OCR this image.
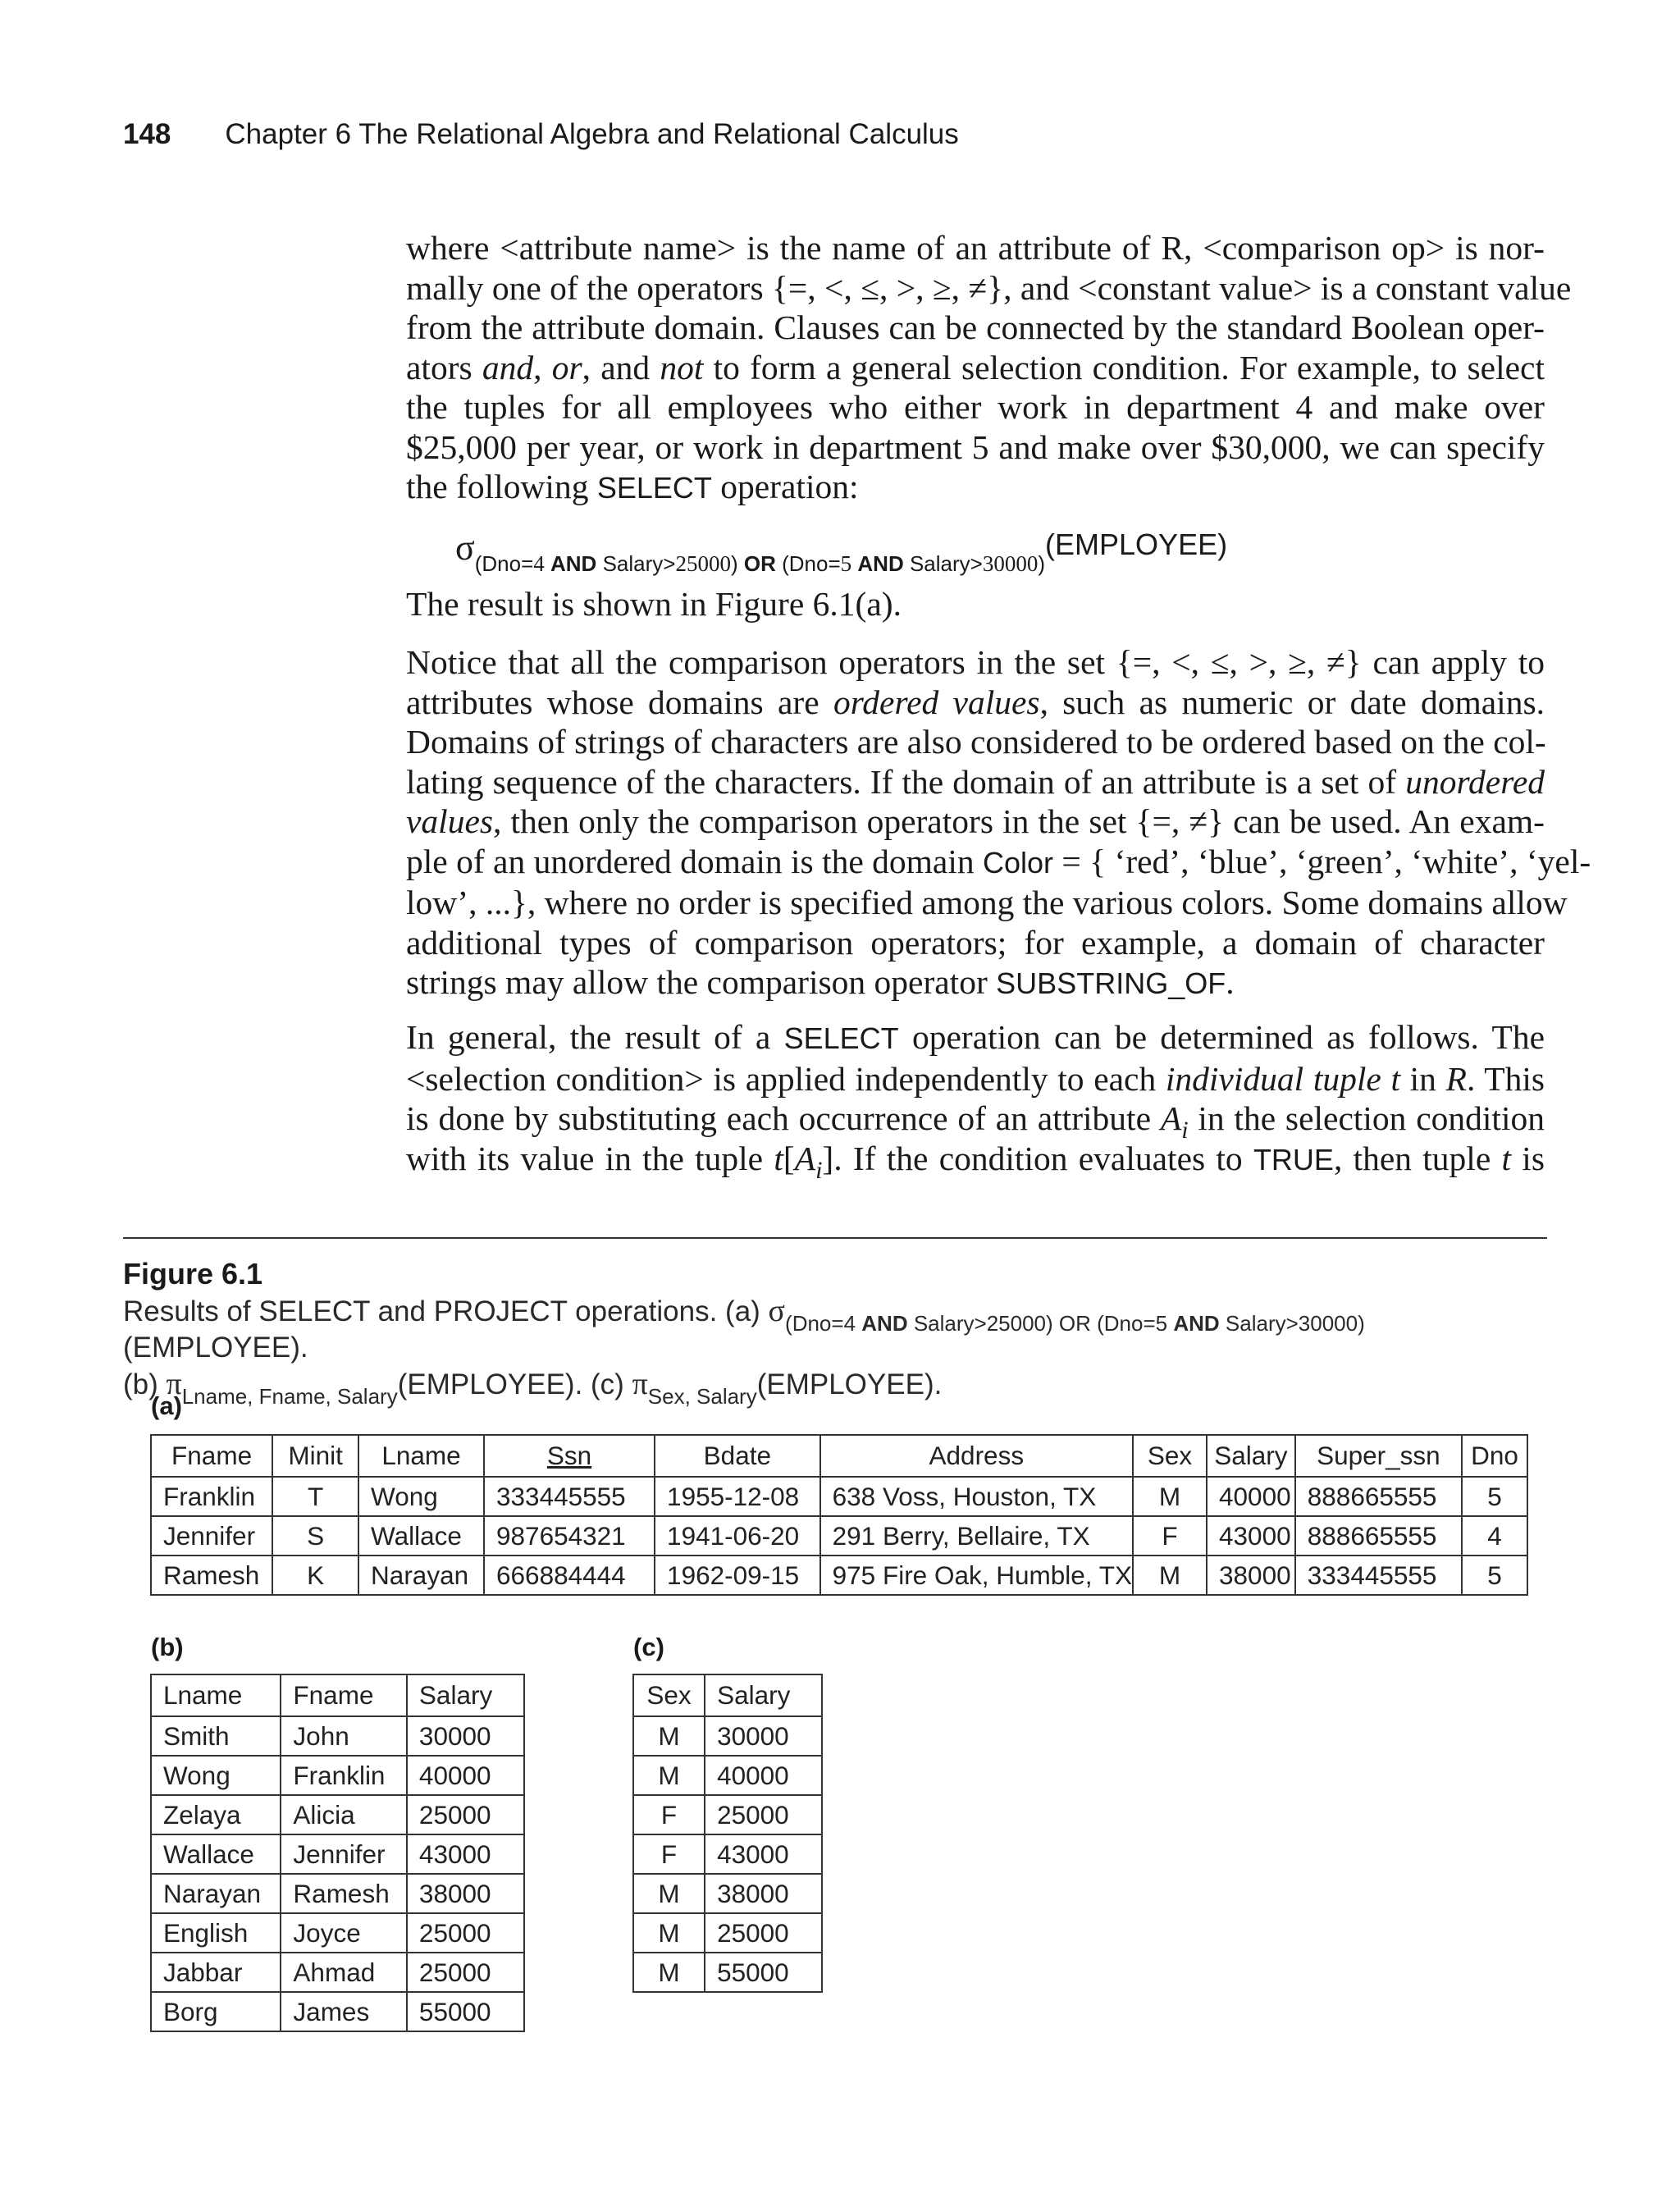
148 Chapter 6 The Relational Algebra and Relational Calculus
where <attribute name> is the name of an attribute of R, <comparison op> is nor-
mally one of the operators {=, <, ≤, >, ≥, ≠}, and <constant value> is a constant value
from the attribute domain. Clauses can be connected by the standard Boolean oper-
ators and, or, and not to form a general selection condition. For example, to select
the tuples for all employees who either work in department 4 and make over
$25,000 per year, or work in department 5 and make over $30,000, we can specify
the following SELECT operation:
$\sigma_{(Dno=4 AND Salary>25000) OR (Dno=5 AND Salary>30000)}(EMPLOYEE)$
The result is shown in Figure 6.1(a).
Notice that all the comparison operators in the set {=, <, ≤, >, ≥, ≠} can apply to
attributes whose domains are ordered values, such as numeric or date domains.
Domains of strings of characters are also considered to be ordered based on the col-
lating sequence of the characters. If the domain of an attribute is a set of unordered
values, then only the comparison operators in the set {=, ≠} can be used. An exam-
ple of an unordered domain is the domain Color = { ‘red’, ‘blue’, ‘green’, ‘white’, ‘yel-
low’, ...}, where no order is specified among the various colors. Some domains allow
additional types of comparison operators; for example, a domain of character
strings may allow the comparison operator SUBSTRING_OF.
In general, the result of a SELECT operation can be determined as follows. The
<selection condition> is applied independently to each individual tuple t in R. This
is done by substituting each occurrence of an attribute $A_i$ in the selection condition
with its value in the tuple $t[A_i]$. If the condition evaluates to TRUE, then tuple t is
Figure 6.1
Results of SELECT and PROJECT operations. (a) $\sigma_{(Dno=4 AND Salary>25000) OR (Dno=5 AND Salary>30000)}$ (EMPLOYEE).
(b) $\pi_{Lname, Fname, Salary}(EMPLOYEE)$. (c) $\pi_{Sex, Salary}(EMPLOYEE)$.
(a)
Fname	Minit	Lname	Ssn	Bdate	Address	Sex	Salary	Super_ssn	Dno
Franklin	T	Wong	333445555	1955-12-08	638 Voss, Houston, TX	M	40000	888665555	5
Jennifer	S	Wallace	987654321	1941-06-20	291 Berry, Bellaire, TX	F	43000	888665555	4
Ramesh	K	Narayan	666884444	1962-09-15	975 Fire Oak, Humble, TX	M	38000	333445555	5
(b)	(c)
Lname	Fname	Salary
Smith	John	30000
Wong	Franklin	40000
Zelaya	Alicia	25000
Wallace	Jennifer	43000
Narayan	Ramesh	38000
English	Joyce	25000
Jabbar	Ahmad	25000
Borg	James	55000
Sex	Salary
M	30000
M	40000
F	25000
F	43000
M	38000
M	25000
M	55000
